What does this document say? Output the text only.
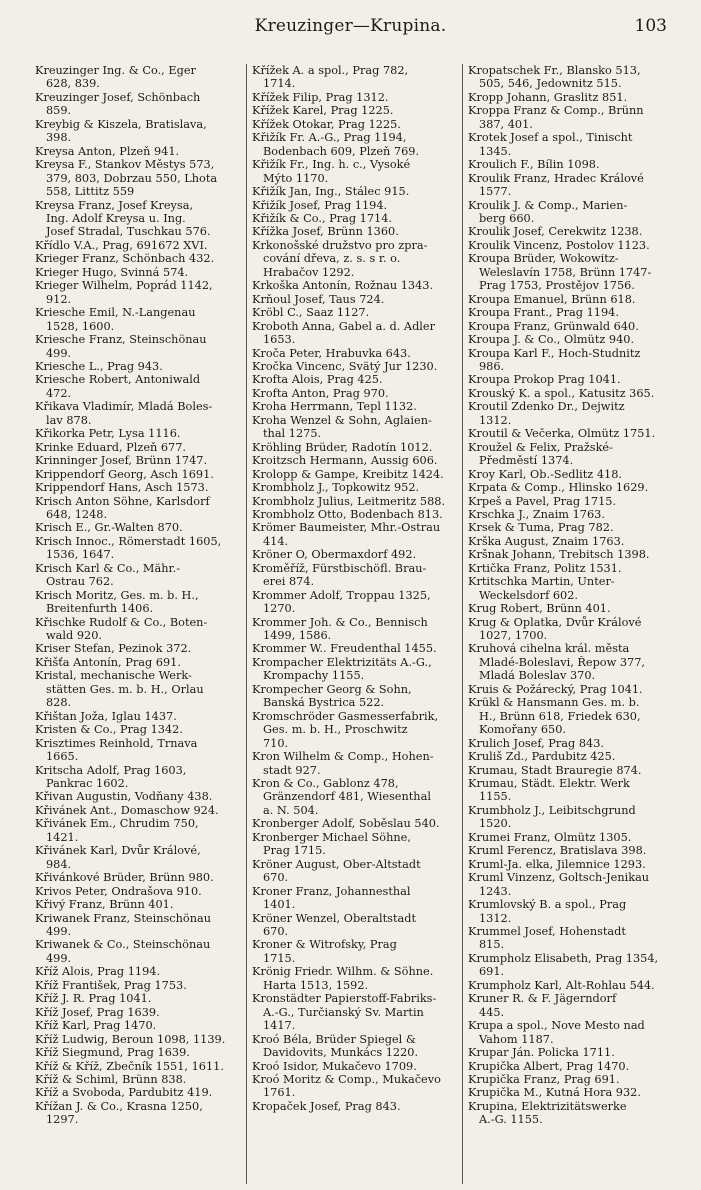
Kreuzinger—Krupina.	103
Kreuzinger Ing. & Co., Eger
628, 839.
Kreuzinger Josef, Schönbach
859.
Kreybig & Kiszela, Bratislava,
398.
Kreysa Anton, Plzeň 941.
Kreysa F., Stankov Městys 573,
379, 803, Dobrzau 550, Lhota
558, Littitz 559
Kreysa Franz, Josef Kreysa,
Ing. Adolf Kreysa u. Ing.
Josef Stradal, Tuschkau 576.
Křídlo V.A., Prag, 691672 XVI.
Krieger Franz, Schönbach 432.
Krieger Hugo, Svinná 574.
Krieger Wilhelm, Poprád 1142,
912.
Kriesche Emil, N.-Langenau
1528, 1600.
Kriesche Franz, Steinschönau
499.
Kriesche L., Prag 943.
Kriesche Robert, Antoniwald
472.
Křikava Vladimír, Mladá Boles-
lav 878.
Křikorka Petr, Lysa 1116.
Krinke Eduard, Plzeň 677.
Krinninger Josef, Brünn 1747.
Krippendorf Georg, Asch 1691.
Krippendorf Hans, Asch 1573.
Krisch Anton Söhne, Karlsdorf
648, 1248.
Krisch E., Gr.-Walten 870.
Krisch Innoc., Römerstadt 1605,
1536, 1647.
Krisch Karl & Co., Mähr.-
Ostrau 762.
Krisch Moritz, Ges. m. b. H.,
Breitenfurth 1406.
Křischke Rudolf & Co., Boten-
wald 920.
Kriser Stefan, Pezinok 372.
Křišťa Antonín, Prag 691.
Kristal, mechanische Werk-
stätten Ges. m. b. H., Orlau
828.
Křištan Joža, Iglau 1437.
Kristen & Co., Prag 1342.
Krisztimes Reinhold, Trnava
1665.
Kritscha Adolf, Prag 1603,
Pankrac 1602.
Křivan Augustin, Vodňany 438.
Křivánek Ant., Domaschow 924.
Křivánek Em., Chrudim 750,
1421.
Křivánek Karl, Dvůr Králové,
984.
Křivánkové Brüder, Brünn 980.
Krivos Peter, Ondrašova 910.
Křivý Franz, Brünn 401.
Kriwanek Franz, Steinschönau
499.
Kriwanek & Co., Steinschönau
499.
Kříž Alois, Prag 1194.
Kříž František, Prag 1753.
Kříž J. R. Prag 1041.
Kříž Josef, Prag 1639.
Kříž Karl, Prag 1470.
Kříž Ludwig, Beroun 1098, 1139.
Kříž Siegmund, Prag 1639.
Kříž & Kříž, Zbečník 1551, 1611.
Kříž & Schiml, Brünn 838.
Kříž a Svoboda, Pardubitz 419.
Křížan J. & Co., Krasna 1250,
1297.
Křížek A. a spol., Prag 782,
1714.
Křížek Filip, Prag 1312.
Křížek Karel, Prag 1225.
Křížek Otokar, Prag 1225.
Křižík Fr. A.-G., Prag 1194,
Bodenbach 609, Plzeň 769.
Křižík Fr., Ing. h. c., Vysoké
Mýto 1170.
Křižík Jan, Ing., Stálec 915.
Křižík Josef, Prag 1194.
Křižík & Co., Prag 1714.
Křížka Josef, Brünn 1360.
Krkonošské družstvo pro zpra-
cování dřeva, z. s. s r. o.
Hrabačov 1292.
Krkoška Antonín, Rožnau 1343.
Krňoul Josef, Taus 724.
Kröbl C., Saaz 1127.
Kroboth Anna, Gabel a. d. Adler
1653.
Kroča Peter, Hrabuvka 643.
Kročka Vincenc, Svätý Jur 1230.
Krofta Alois, Prag 425.
Krofta Anton, Prag 970.
Kroha Herrmann, Tepl 1132.
Kroha Wenzel & Sohn, Aglaien-
thal 1275.
Kröhling Brüder, Radotín 1012.
Kroitzsch Hermann, Aussig 606.
Krolopp & Gampe, Kreibitz 1424.
Krombholz J., Topkowitz 952.
Krombholz Julius, Leitmeritz 588.
Krombholz Otto, Bodenbach 813.
Krömer Baumeister, Mhr.-Ostrau
414.
Kröner O, Obermaxdorf 492.
Kroměříž, Fürstbischöfl. Brau-
erei 874.
Krommer Adolf, Troppau 1325,
1270.
Krommer Joh. & Co., Bennisch
1499, 1586.
Krommer W.. Freudenthal 1455.
Krompacher Elektrizitäts A.-G.,
Krompachy 1155.
Krompecher Georg & Sohn,
Banská Bystrica 522.
Kromschröder Gasmesserfabrik,
Ges. m. b. H., Proschwitz
710.
Kron Wilhelm & Comp., Hohen-
stadt 927.
Kron & Co., Gablonz 478,
Gränzendorf 481, Wiesenthal
a. N. 504.
Kronberger Adolf, Soběslau 540.
Kronberger Michael Söhne,
Prag 1715.
Kröner August, Ober-Altstadt
670.
Kroner Franz, Johannesthal
1401.
Kröner Wenzel, Oberaltstadt
670.
Kroner & Witrofsky, Prag
1715.
Krönig Friedr. Wilhm. & Söhne.
Harta 1513, 1592.
Kronstädter Papierstoff-Fabriks-
A.-G., Turčianský Sv. Martin
1417.
Kroó Béla, Brüder Spiegel &
Davidovits, Munkács 1220.
Kroó Isidor, Mukačevo 1709.
Kroó Moritz & Comp., Mukačevo
1761.
Kropaček Josef, Prag 843.
Kropatschek Fr., Blansko 513,
505, 546, Jedownitz 515.
Kropp Johann, Graslitz 851.
Kroppa Franz & Comp., Brünn
387, 401.
Krotek Josef a spol., Tinischt
1345.
Kroulich F., Bílin 1098.
Kroulik Franz, Hradec Králové
1577.
Kroulik J. & Comp., Marien-
berg 660.
Kroulik Josef, Cerekwitz 1238.
Kroulik Vincenz, Postolov 1123.
Kroupa Brüder, Wokowitz-
Weleslavín 1758, Brünn 1747-
Prag 1753, Prostějov 1756.
Kroupa Emanuel, Brünn 618.
Kroupa Frant., Prag 1194.
Kroupa Franz, Grünwald 640.
Kroupa J. & Co., Olmütz 940.
Kroupa Karl F., Hoch-Studnitz
986.
Kroupa Prokop Prag 1041.
Krouský K. a spol., Katusitz 365.
Kroutil Zdenko Dr., Dejwitz
1312.
Kroutil & Večerka, Olmütz 1751.
Kroužel & Felix, Pražské-
Předměstí 1374.
Kroy Karl, Ob.-Sedlitz 418.
Krpata & Comp., Hlinsko 1629.
Krpeš a Pavel, Prag 1715.
Krschka J., Znaim 1763.
Krsek & Tuma, Prag 782.
Krška August, Znaim 1763.
Kršnak Johann, Trebitsch 1398.
Krtička Franz, Politz 1531.
Krtitschka Martin, Unter-
Weckelsdorf 602.
Krug Robert, Brünn 401.
Krug & Oplatka, Dvůr Králové
1027, 1700.
Kruhová cihelna král. města
Mladé-Boleslavi, Řepow 377,
Mladá Boleslav 370.
Kruis & Požárecký, Prag 1041.
Krükl & Hansmann Ges. m. b.
H., Brünn 618, Friedek 630,
Komořany 650.
Krulich Josef, Prag 843.
Kruliš Zd., Pardubitz 425.
Krumau, Stadt Brauregie 874.
Krumau, Städt. Elektr. Werk
1155.
Krumbholz J., Leibitschgrund
1520.
Krumei Franz, Olmütz 1305.
Kruml Ferencz, Bratislava 398.
Kruml-Ja. elka, Jilemnice 1293.
Kruml Vinzenz, Goltsch-Jenikau
1243.
Krumlovský B. a spol., Prag
1312.
Krummel Josef, Hohenstadt
815.
Krumpholz Elisabeth, Prag 1354,
691.
Krumpholz Karl, Alt-Rohlau 544.
Kruner R. & F. Jägerndorf
445.
Krupa a spol., Nove Mesto nad
Vahom 1187.
Krupar Ján. Policka 1711.
Krupička Albert, Prag 1470.
Krupička Franz, Prag 691.
Krupička M., Kutná Hora 932.
Krupina, Elektrizitätswerke
A.-G. 1155.
